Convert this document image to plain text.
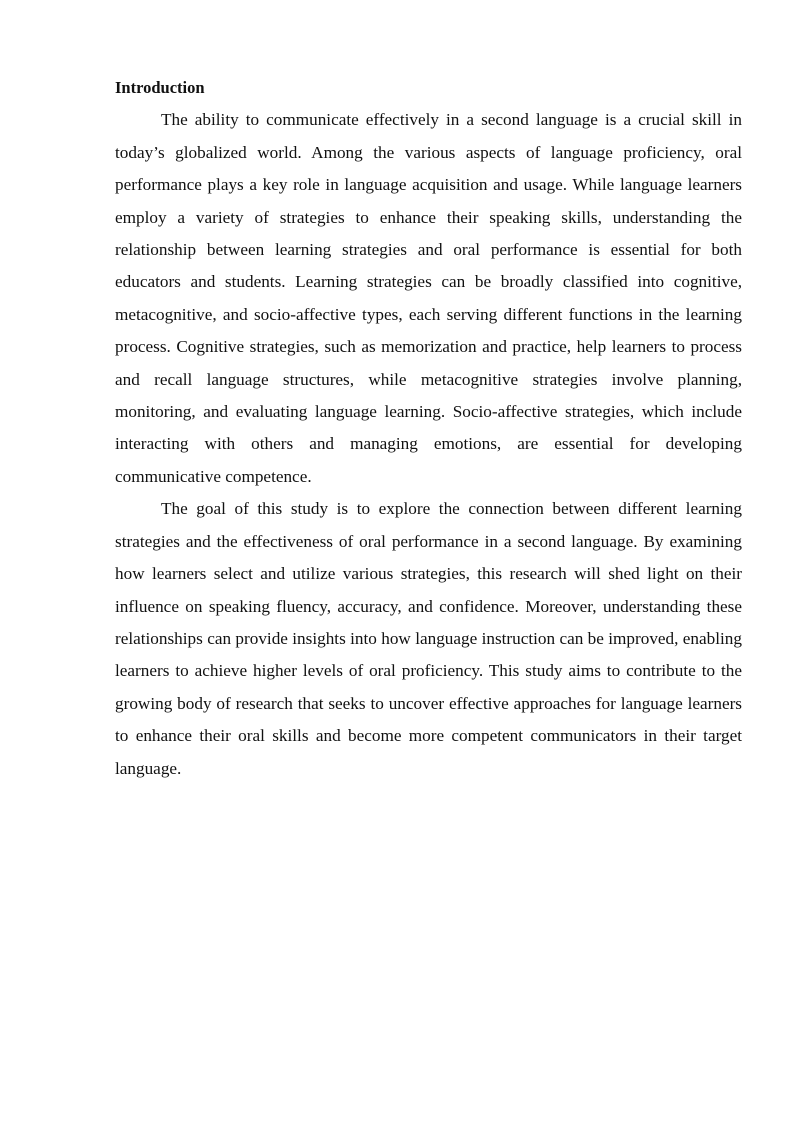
Introduction

The ability to communicate effectively in a second language is a crucial skill in today’s globalized world. Among the various aspects of language proficiency, oral performance plays a key role in language acquisition and usage. While language learners employ a variety of strategies to enhance their speaking skills, understanding the relationship between learning strategies and oral performance is essential for both educators and students. Learning strategies can be broadly classified into cognitive, metacognitive, and socio-affective types, each serving different functions in the learning process. Cognitive strategies, such as memorization and practice, help learners to process and recall language structures, while metacognitive strategies involve planning, monitoring, and evaluating language learning. Socio-affective strategies, which include interacting with others and managing emotions, are essential for developing communicative competence.

The goal of this study is to explore the connection between different learning strategies and the effectiveness of oral performance in a second language. By examining how learners select and utilize various strategies, this research will shed light on their influence on speaking fluency, accuracy, and confidence. Moreover, understanding these relationships can provide insights into how language instruction can be improved, enabling learners to achieve higher levels of oral proficiency. This study aims to contribute to the growing body of research that seeks to uncover effective approaches for language learners to enhance their oral skills and become more competent communicators in their target language.
